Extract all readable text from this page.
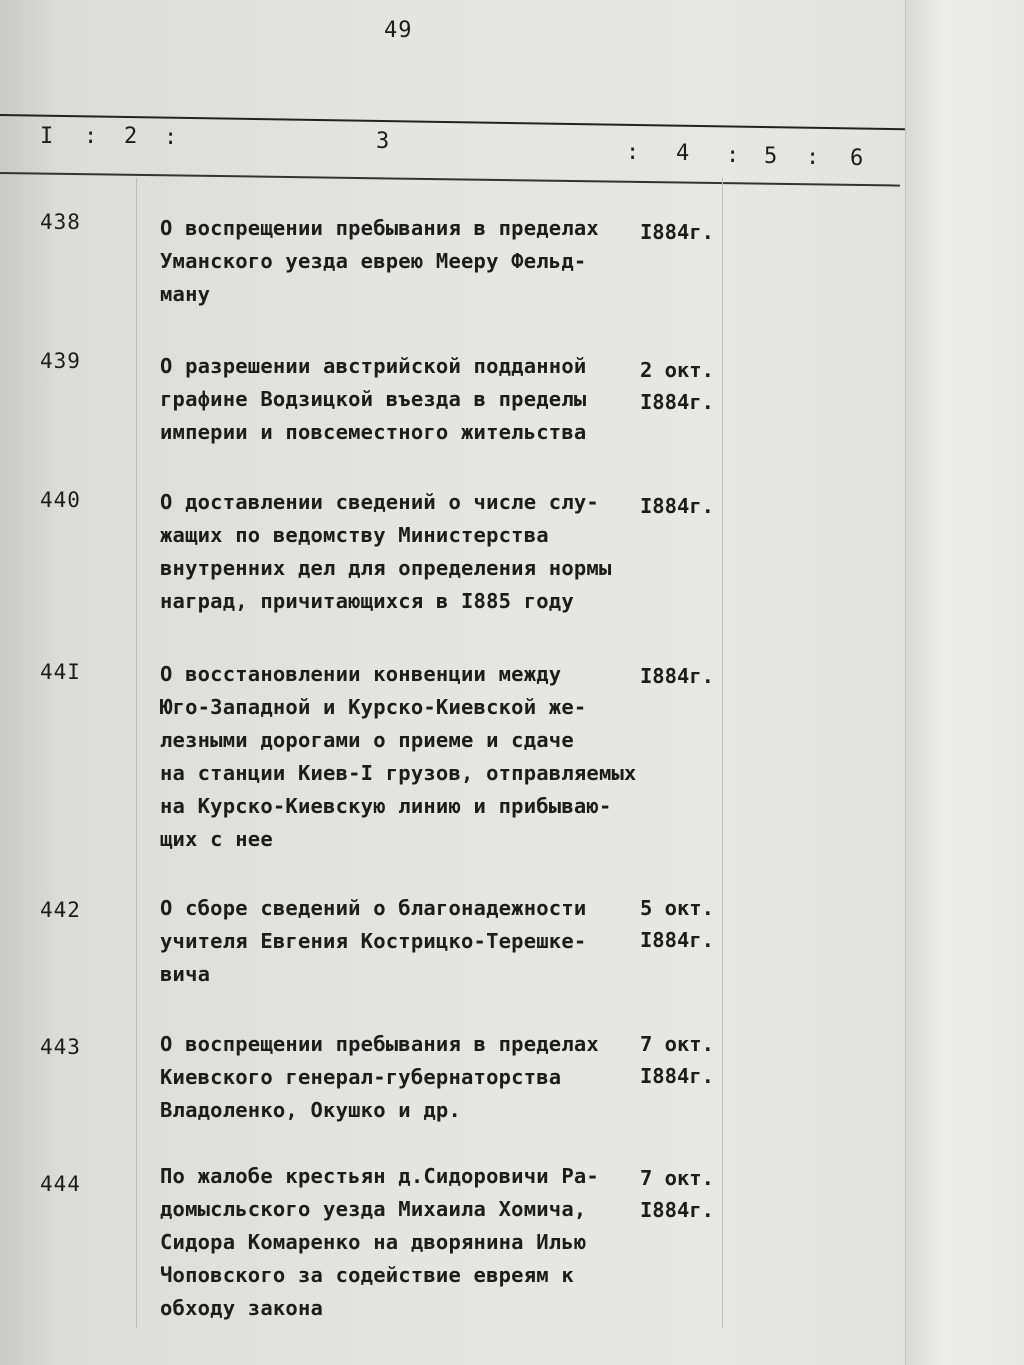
49
I : 2 :	3	: 4 : 5 : 6
438	О воспрещении пребывания в пределах
Уманского уезда еврею Мееру Фельд-
ману
I884г.
439	О разрешении австрийской подданной
графине Водзицкой въезда в пределы
империи и повсеместного жительства
2 окт.
I884г.
440	О доставлении сведений о числе слу-
жащих по ведомству Министерства
внутренних дел для определения нормы
наград, причитающихся в I885 году
I884г.
44I	О восстановлении конвенции между
Юго-Западной и Курско-Киевской же-
лезными дорогами о приеме и сдаче
на станции Киев-I грузов, отправляемых
на Курско-Киевскую линию и прибываю-
щих с нее
I884г.
442	О сборе сведений о благонадежности
учителя Евгения Кострицко-Терешке-
вича
5 окт.
I884г.
443	О воспрещении пребывания в пределах
Киевского генерал-губернаторства
Владоленко, Окушко и др.
7 окт.
I884г.
444	По жалобе крестьян д.Сидоровичи Ра-
домысльского уезда Михаила Хомича,
Сидора Комаренко на дворянина Илью
Чоповского за содействие евреям к
обходу закона
7 окт.
I884г.
